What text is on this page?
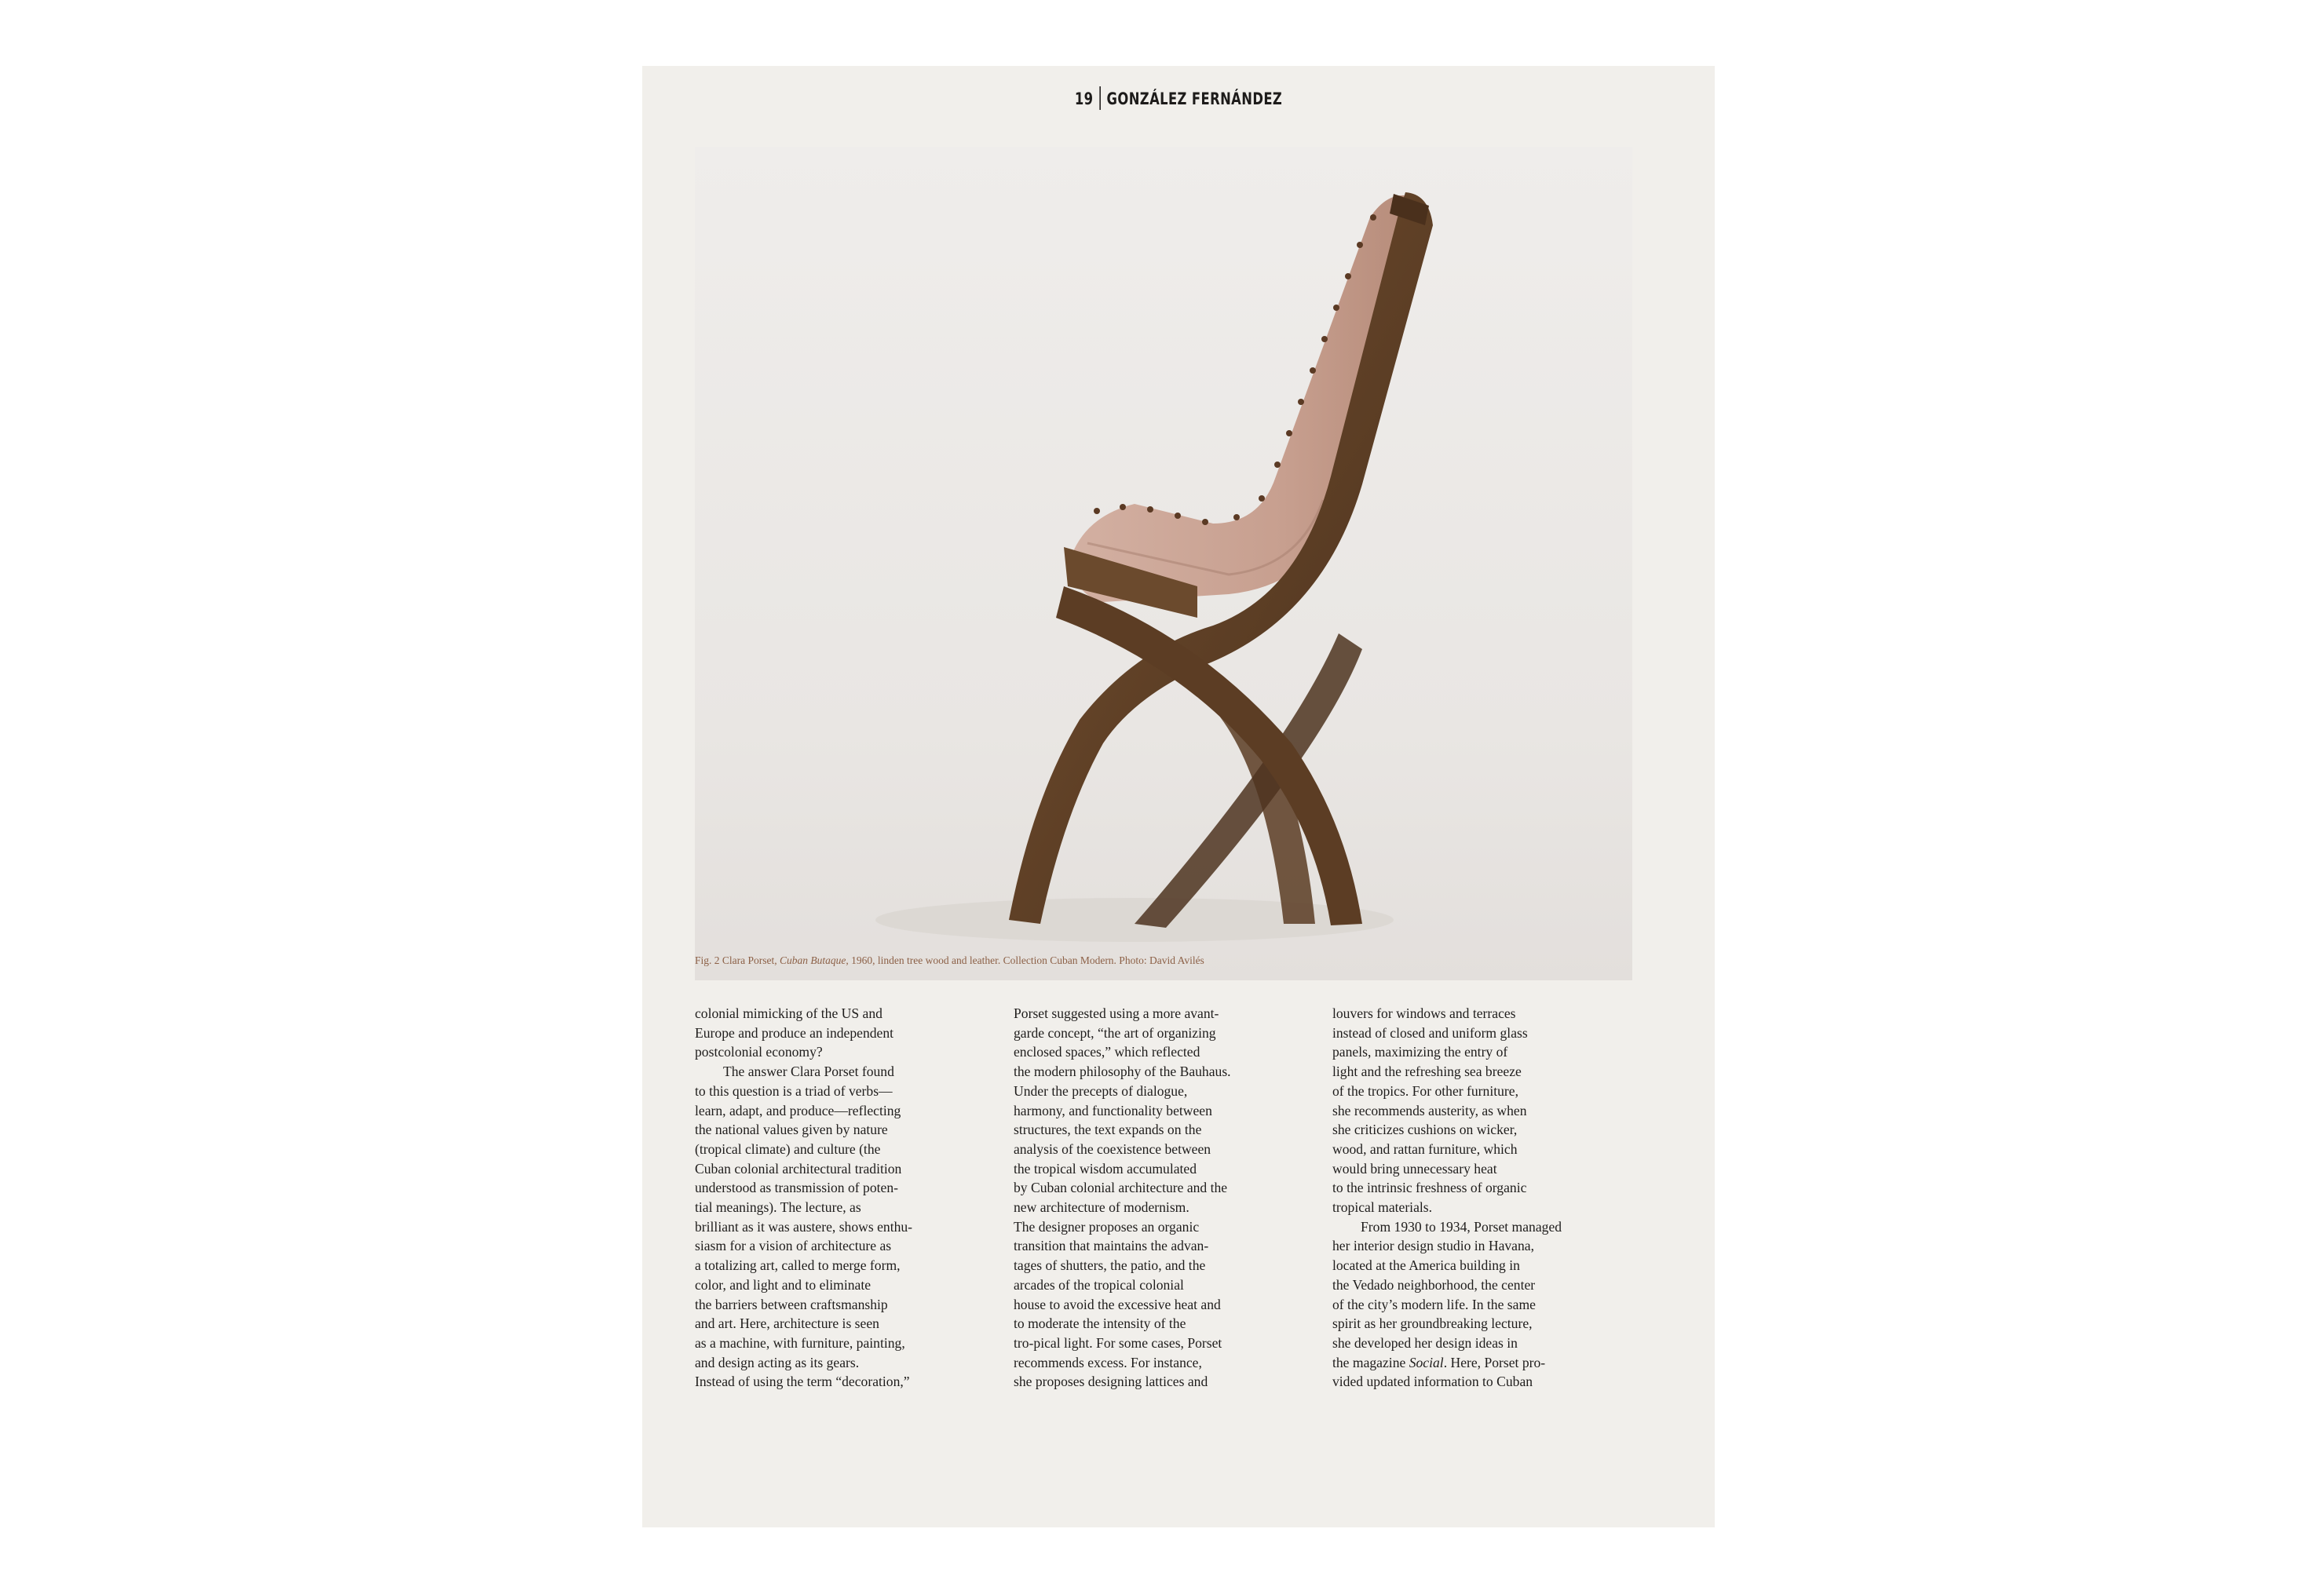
19 GONZÁLEZ FERNÁNDEZ
Fig. 2 Clara Porset, Cuban Butaque, 1960, linden tree wood and leather. Collection Cuban Modern. Photo: David Avilés
colonial mimicking of the US and
Europe and produce an independent
postcolonial economy?
The answer Clara Porset found
to this question is a triad of verbs—
learn, adapt, and produce—reflecting
the national values given by nature
(tropical climate) and culture (the
Cuban colonial architectural tradition
understood as transmission of poten-
tial meanings). The lecture, as
brilliant as it was austere, shows enthu-
siasm for a vision of architecture as
a totalizing art, called to merge form,
color, and light and to eliminate
the barriers between craftsmanship
and art. Here, architecture is seen
as a machine, with furniture, painting,
and design acting as its gears.
Instead of using the term “decoration,”
Porset suggested using a more avant-
garde concept, “the art of organizing
enclosed spaces,” which reflected
the modern philosophy of the Bauhaus.
Under the precepts of dialogue,
harmony, and functionality between
structures, the text expands on the
analysis of the coexistence between
the tropical wisdom accumulated
by Cuban colonial architecture and the
new architecture of modernism.
The designer proposes an organic
transition that maintains the advan-
tages of shutters, the patio, and the
arcades of the tropical colonial
house to avoid the excessive heat and
to moderate the intensity of the
tro-pical light. For some cases, Porset
recommends excess. For instance,
she proposes designing lattices and
louvers for windows and terraces
instead of closed and uniform glass
panels, maximizing the entry of
light and the refreshing sea breeze
of the tropics. For other furniture,
she recommends austerity, as when
she criticizes cushions on wicker,
wood, and rattan furniture, which
would bring unnecessary heat
to the intrinsic freshness of organic
tropical materials.
From 1930 to 1934, Porset managed
her interior design studio in Havana,
located at the America building in
the Vedado neighborhood, the center
of the city’s modern life. In the same
spirit as her groundbreaking lecture,
she developed her design ideas in
the magazine Social. Here, Porset pro-
vided updated information to Cuban
